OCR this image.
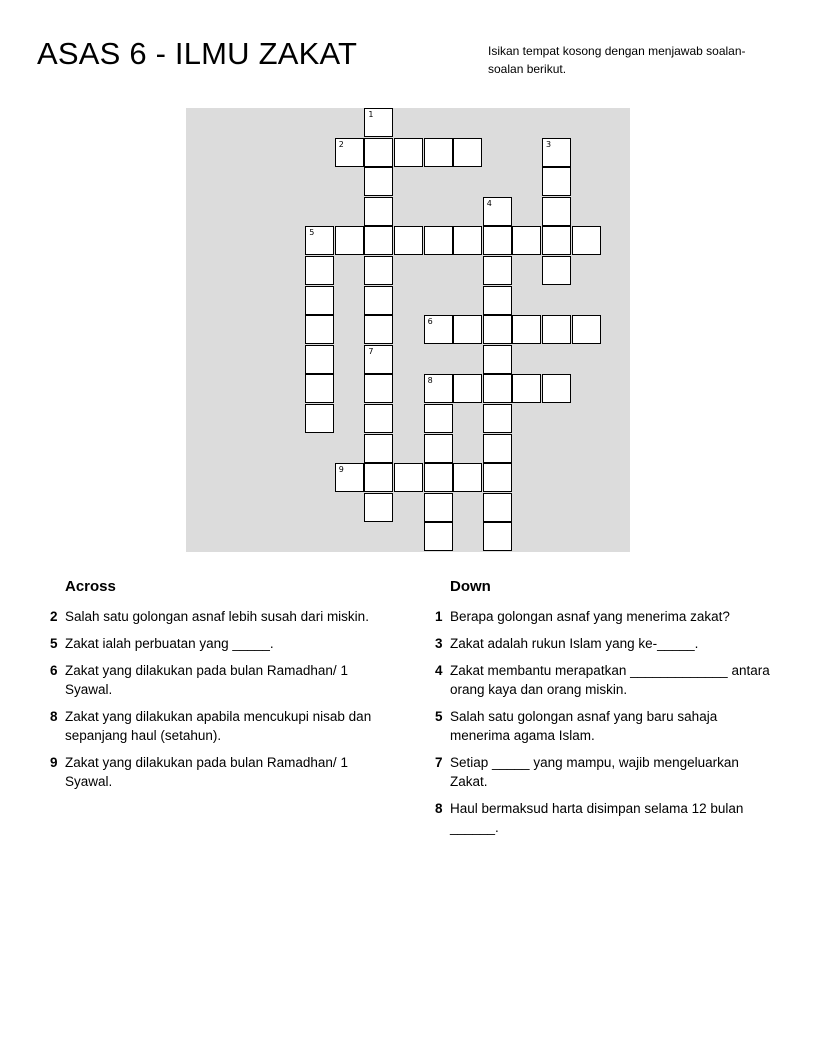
ASAS 6 - ILMU ZAKAT	Isikan tempat kosong dengan menjawab soalan-soalan berikut.
1
7
2	3
4
5
6
8
9
Across
2 Salah satu golongan asnaf lebih susah dari miskin.
5 Zakat ialah perbuatan yang _____.
6 Zakat yang dilakukan pada bulan Ramadhan/ 1 Syawal.
8 Zakat yang dilakukan apabila mencukupi nisab dan sepanjang haul (setahun).
9 Zakat yang dilakukan pada bulan Ramadhan/ 1 Syawal.
Down
1 Berapa golongan asnaf yang menerima zakat?
3 Zakat adalah rukun Islam yang ke-_____.
4 Zakat membantu merapatkan _____________ antara orang kaya dan orang miskin.
5 Salah satu golongan asnaf yang baru sahaja menerima agama Islam.
7 Setiap _____ yang mampu, wajib mengeluarkan Zakat.
8 Haul bermaksud harta disimpan selama 12 bulan ______.
